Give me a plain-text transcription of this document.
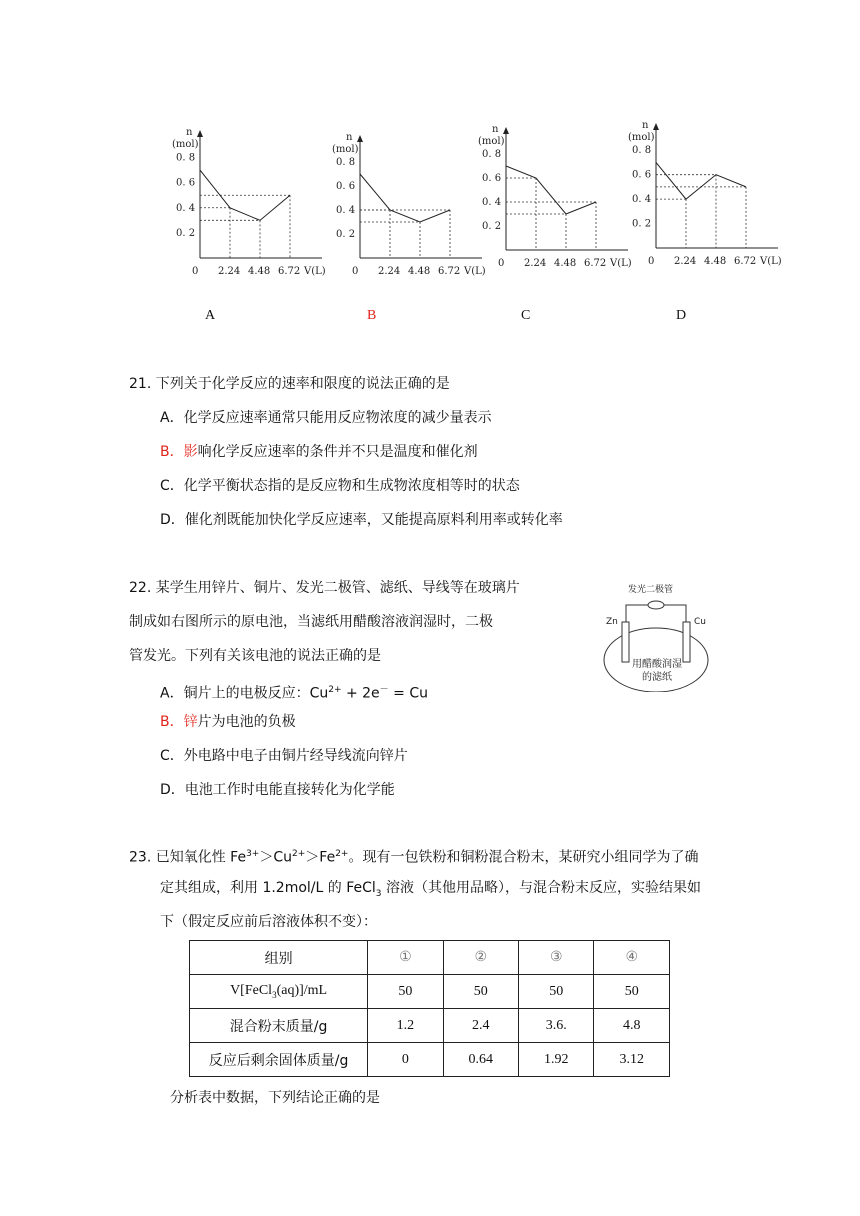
n
(mol)
0. 8
0. 6
0. 4
0. 2
0 2.24 4.48 6.72 V(L)
n
(mol)
0. 8
0. 6
0. 4
0. 2
0 2.24 4.48 6.72 V(L)
n
(mol)
0. 8
0. 6
0. 4
0. 2
0 2.24 4.48 6.72 V(L)
n
(mol)
0. 8
0. 6
0. 4
0. 2
0 2.24 4.48 6.72 V(L)
A	B	C	D
21. 下列关于化学反应的速率和限度的说法正确的是
A．化学反应速率通常只能用反应物浓度的减少量表示
B．影响化学反应速率的条件并不只是温度和催化剂
C．化学平衡状态指的是反应物和生成物浓度相等时的状态
D．催化剂既能加快化学反应速率，又能提高原料利用率或转化率
22. 某学生用锌片、铜片、发光二极管、滤纸、导线等在玻璃片
制成如右图所示的原电池，当滤纸用醋酸溶液润湿时，二极
管发光。下列有关该电池的说法正确的是
A．铜片上的电极反应：$Cu^{2+} + 2e^- = Cu$
B．锌片为电池的负极
C．外电路中电子由铜片经导线流向锌片
D．电池工作时电能直接转化为化学能
发光二极管
Zn	Cu
用醋酸润湿
的滤纸
23. 已知氧化性 $Fe^{3+}>Cu^{2+}>Fe^{2+}$。现有一包铁粉和铜粉混合粉末，某研究小组同学为了确
定其组成，利用 1.2mol/L 的 FeCl$_3$ 溶液（其他用品略），与混合粉末反应，实验结果如
下（假定反应前后溶液体积不变）：
组别	①	②	③	④
V[FeCl$_3$(aq)]/mL	50	50	50	50
混合粉末质量/g	1.2	2.4	3.6.	4.8
反应后剩余固体质量/g	0	0.64	1.92	3.12
分析表中数据，下列结论正确的是
